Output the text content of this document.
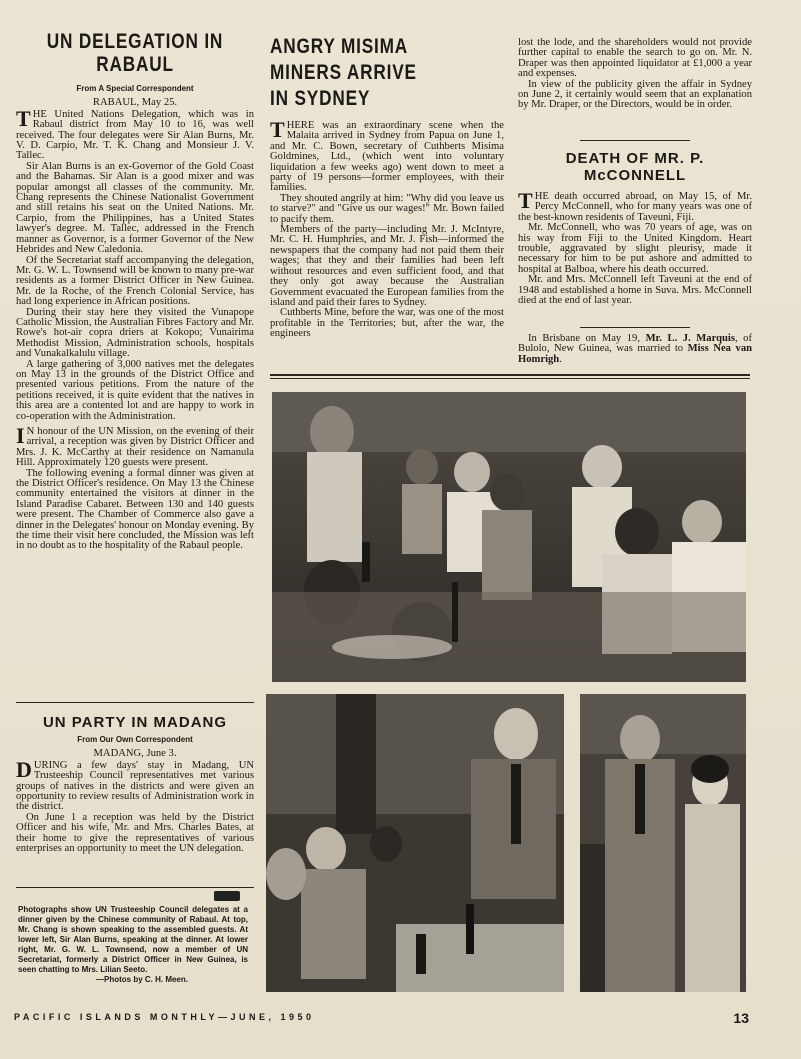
UN DELEGATION IN RABAUL
From A Special Correspondent
RABAUL, May 25.

THE United Nations Delegation, which was in Rabaul district from May 10 to 16, was well received. The four delegates were Sir Alan Burns, Mr. V. D. Carpio, Mr. T. K. Chang and Monsieur J. V. Tallec.

Sir Alan Burns is an ex-Governor of the Gold Coast and the Bahamas. Sir Alan is a good mixer and was popular amongst all classes of the community. Mr. Chang represents the Chinese Nationalist Government and still retains his seat on the United Nations. Mr. Carpio, from the Philippines, has a United States lawyer's degree. M. Tallec, addressed in the French manner as Governor, is a former Governor of the New Hebrides and New Caledonia.

Of the Secretariat staff accompanying the delegation, Mr. G. W. L. Townsend will be known to many pre-war residents as a former District Officer in New Guinea. Mr. de la Roche, of the French Colonial Service, has had long experience in African positions.

During their stay here they visited the Vunapope Catholic Mission, the Australian Fibres Factory and Mr. Rowe's hot-air copra driers at Kokopo; Vunairima Methodist Mission, Administration schools, hospitals and Vunakalkalulu village.

A large gathering of 3,000 natives met the delegates on May 13 in the grounds of the District Office and presented various petitions. From the nature of the petitions received, it is quite evident that the natives in this area are a contented lot and are happy to work in co-operation with the Administration.

IN honour of the UN Mission, on the evening of their arrival, a reception was given by District Officer and Mrs. J. K. McCarthy at their residence on Namanula Hill. Approximately 120 guests were present.

The following evening a formal dinner was given at the District Officer's residence. On May 13 the Chinese community entertained the visitors at dinner in the Island Paradise Cabaret. Between 130 and 140 guests were present. The Chamber of Commerce also gave a dinner in the Delegates' honour on Monday evening. By the time their visit here concluded, the Mission was left in no doubt as to the hospitality of the Rabaul people.

UN PARTY IN MADANG
From Our Own Correspondent
MADANG, June 3.

DURING a few days' stay in Madang, UN Trusteeship Council representatives met various groups of natives in the districts and were given an opportunity to review results of Administration work in the district.

On June 1 a reception was held by the District Officer and his wife, Mr. and Mrs. Charles Bates, at their home to give the representatives of various enterprises an opportunity to meet the UN delegation.

Photographs show UN Trusteeship Council delegates at a dinner given by the Chinese community of Rabaul. At top, Mr. Chang is shown speaking to the assembled guests. At lower left, Sir Alan Burns, speaking at the dinner. At lower right, Mr. G. W. L. Townsend, now a member of UN Secretariat, formerly a District Officer in New Guinea, is seen chatting to Mrs. Lilian Seeto.
—Photos by C. H. Meen.
ANGRY MISIMA MINERS ARRIVE IN SYDNEY

THERE was an extraordinary scene when the Malaita arrived in Sydney from Papua on June 1, and Mr. C. Bown, secretary of Cuthberts Misima Goldmines, Ltd., (which went into voluntary liquidation a few weeks ago) went down to meet a party of 19 persons—former employees, with their families.

They shouted angrily at him: "Why did you leave us to starve?" and "Give us our wages!" Mr. Bown failed to pacify them.

Members of the party—including Mr. J. McIntyre, Mr. C. H. Humphries, and Mr. J. Fish—informed the newspapers that the company had not paid them their wages; that they and their families had been left without resources and even sufficient food, and that they only got away because the Australian Government evacuated the European families from the island and paid their fares to Sydney.

Cuthberts Mine, before the war, was one of the most profitable in the Territories; but, after the war, the engineers

lost the lode, and the shareholders would not provide further capital to enable the search to go on. Mr. N. Draper was then appointed liquidator at £1,000 a year and expenses.

In view of the publicity given the affair in Sydney on June 2, it certainly would seem that an explanation by Mr. Draper, or the Directors, would be in order.

DEATH OF MR. P. McCONNELL

THE death occurred abroad, on May 15, of Mr. Percy McConnell, who for many years was one of the best-known residents of Taveuni, Fiji.

Mr. McConnell, who was 70 years of age, was on his way from Fiji to the United Kingdom. Heart trouble, aggravated by slight pleurisy, made it necessary for him to be put ashore and admitted to hospital at Balboa, where his death occurred.

Mr. and Mrs. McConnell left Taveuni at the end of 1948 and established a home in Suva. Mrs. McConnell died at the end of last year.

In Brisbane on May 19, Mr. L. J. Marquis, of Bulolo, New Guinea, was married to Miss Nea van Homrigh.

PACIFIC ISLANDS MONTHLY—JUNE, 1950	13
